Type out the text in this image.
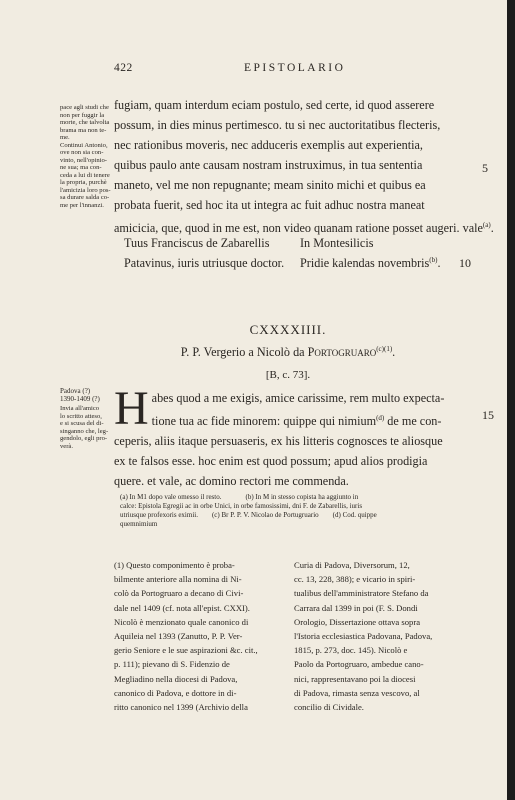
422	EPISTOLARIO
pace agli studi che
non per fuggir la
morte, che talvolta
brama ma non te-
me.
Continui Antonio,
ove non sia con-
vinto, nell'opinio-
ne sua; ma con-
ceda a lui di tenere
la propria, purchè
l'amicizia loro pos-
sa durare salda co-
me per l'innanzi.
fugiam, quam interdum eciam postulo, sed certe, id quod asserere
possum, in dies minus pertimesco. tu si nec auctoritatibus flecteris,
nec rationibus moveris, nec adduceris exemplis aut experientia,
quibus paulo ante causam nostram instruximus, in tua sententia
maneto, vel me non repugnante; meam sinito michi et quibus ea
probata fuerit, sed hoc ita ut integra ac fuit adhuc nostra maneat
amicicia, que, quod in me est, non video quanam ratione posset augeri. vale$^{(a)}$.
5
Tuus Franciscus de Zabarellis
Patavinus, iuris utriusque doctor.
In Montesilicis
Pridie kalendas novembris$^{(b)}$. 10
CXXXXIIII.
P. P. Vergerio a Nicolò da Portogruaro$^{(c)(1)}$.
[B, c. 73].
Padova (?)
1390-1409 (?)
Invia all'amico
lo scritto atteso,
e si scusa del di-
singanno che, leg-
gendolo, egli pro-
verà.
H abes quod a me exigis, amice carissime, rem multo expecta-
tione tua ac fide minorem: quippe qui nimium$^{(d)}$ de me con-
ceperis, aliis itaque persuaseris, ex his litteris cognosces te aliosque
ex te falsos esse. hoc enim est quod possum; apud alios prodigia
quere. et vale, ac domino rectori me commenda.
15
(a) In M1 dopo vale omesso il resto.	(b) In M in stesso copista ha aggiunto in
calce: Epistola Egregii ac in orbe Unici, in orbe famosissimi, dni F. de Zabarellis, iuris
utriusque profexoris eximii. (c) Br P. P. V. Nicolao de Portugruario (d) Cod. quippe
quemnimium
(1) Questo componimento è proba-
bilmente anteriore alla nomina di Ni-
colò da Portogruaro a decano di Civi-
dale nel 1409 (cf. nota all'epist. CXXI).
Nicolò è menzionato quale canonico di
Aquileia nel 1393 (Zanutto, P. P. Ver-
gerio Seniore e le sue aspirazioni &c. cit.,
p. 111); pievano di S. Fidenzio de
Megliadino nella diocesi di Padova,
canonico di Padova, e dottore in di-
ritto canonico nel 1399 (Archivio della
Curia di Padova, Diversorum, 12,
cc. 13, 228, 388); e vicario in spiri-
tualibus dell'amministratore Stefano da
Carrara dal 1399 in poi (F. S. Dondi
Orologio, Dissertazione ottava sopra
l'Istoria ecclesiastica Padovana, Padova,
1815, p. 273, doc. 145). Nicolò e
Paolo da Portogruaro, ambedue cano-
nici, rappresentavano poi la diocesi
di Padova, rimasta senza vescovo, al
concilio di Cividale.
